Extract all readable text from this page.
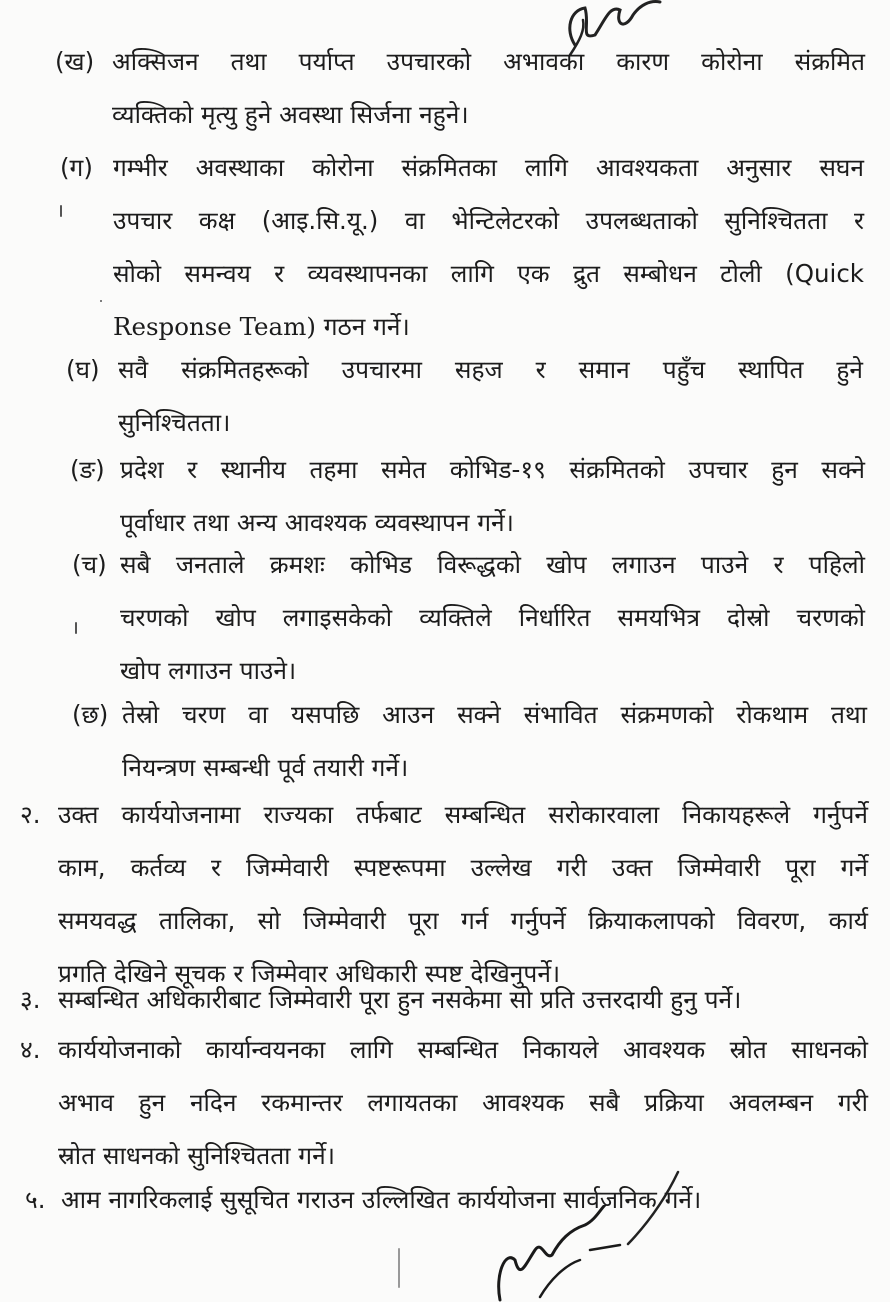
(ख) अक्सिजन तथा पर्याप्त उपचारको अभावका कारण कोरोना संक्रमित
व्यक्तिको मृत्यु हुने अवस्था सिर्जना नहुने।
(ग) गम्भीर अवस्थाका कोरोना संक्रमितका लागि आवश्यकता अनुसार सघन
उपचार कक्ष (आइ.सि.यू.) वा भेन्टिलेटरको उपलब्धताको सुनिश्चितता र
सोको समन्वय र व्यवस्थापनका लागि एक द्रुत सम्बोधन टोली (Quick
Response Team) गठन गर्ने।
(घ) सवै संक्रमितहरूको उपचारमा सहज र समान पहुँच स्थापित हुने
सुनिश्चितता।
(ङ) प्रदेश र स्थानीय तहमा समेत कोभिड-१९ संक्रमितको उपचार हुन सक्ने
पूर्वाधार तथा अन्य आवश्यक व्यवस्थापन गर्ने।
(च) सबै जनताले क्रमशः कोभिड विरूद्धको खोप लगाउन पाउने र पहिलो
चरणको खोप लगाइसकेको व्यक्तिले निर्धारित समयभित्र दोस्रो चरणको
खोप लगाउन पाउने।
(छ) तेस्रो चरण वा यसपछि आउन सक्ने संभावित संक्रमणको रोकथाम तथा
नियन्त्रण सम्बन्धी पूर्व तयारी गर्ने।
२. उक्त कार्ययोजनामा राज्यका तर्फबाट सम्बन्धित सरोकारवाला निकायहरूले गर्नुपर्ने
काम, कर्तव्य र जिम्मेवारी स्पष्टरूपमा उल्लेख गरी उक्त जिम्मेवारी पूरा गर्ने
समयवद्ध तालिका, सो जिम्मेवारी पूरा गर्न गर्नुपर्ने क्रियाकलापको विवरण, कार्य
प्रगति देखिने सूचक र जिम्मेवार अधिकारी स्पष्ट देखिनुपर्ने।
३. सम्बन्धित अधिकारीबाट जिम्मेवारी पूरा हुन नसकेमा सो प्रति उत्तरदायी हुनु पर्ने।
४. कार्ययोजनाको कार्यान्वयनका लागि सम्बन्धित निकायले आवश्यक स्रोत साधनको
अभाव हुन नदिन रकमान्तर लगायतका आवश्यक सबै प्रक्रिया अवलम्बन गरी
स्रोत साधनको सुनिश्चितता गर्ने।
५. आम नागरिकलाई सुसूचित गराउन उल्लिखित कार्ययोजना सार्वजनिक गर्ने।
